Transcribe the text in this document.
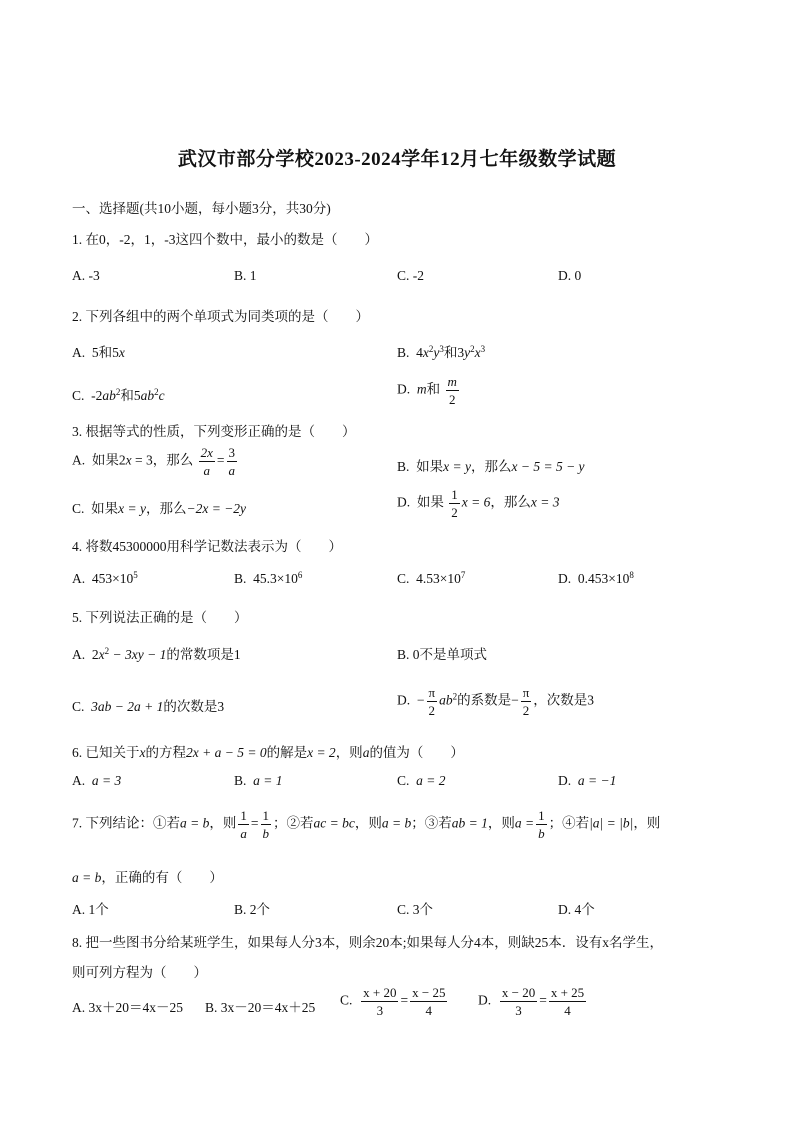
武汉市部分学校2023-2024学年12月七年级数学试题
一、选择题(共10小题，每小题3分，共30分)
1. 在0，-2，1，-3这四个数中，最小的数是（　　）
A. -3	B. 1	C. -2	D. 0
2. 下列各组中的两个单项式为同类项的是（　　）
A. 5和5x	B. $4x^2y^3$和$3y^2x^3$
C. $-2ab^2$和$5ab^2c$	D. m和 $\frac{m}{2}$
3. 根据等式的性质，下列变形正确的是（　　）
A. 如果2x = 3，那么 $\frac{2x}{a} = \frac{3}{a}$	B. 如果x = y，那么x − 5 = 5 − y
C. 如果x = y，那么−2x = −2y	D. 如果 $\frac{1}{2}$ x = 6，那么x = 3
4. 将数45300000用科学记数法表示为（　　）
A. $453\times 10^5$	B. $45.3\times 10^6$	C. $4.53\times 10^7$	D. $0.453\times 10^8$
5. 下列说法正确的是（　　）
A. $2x^2 - 3xy - 1$的常数项是1	B. 0不是单项式
C. 3ab − 2a + 1的次数是3	D. − $\frac{\pi}{2} ab^2$的系数是− $\frac{\pi}{2}$ ，次数是3
6. 已知关于x的方程2x + a − 5 = 0的解是x = 2，则a的值为（　　）
A. a = 3	B. a = 1	C. a = 2	D. a = −1
7. 下列结论：①若a = b，则 $\frac{1}{a} = \frac{1}{b}$ ；②若ac = bc，则a = b；③若ab = 1，则$a = \frac{1}{b}$ ；④若|a| = |b|，则
a = b，正确的有（　　）
A. 1个	B. 2个	C. 3个	D. 4个
8. 把一些图书分给某班学生，如果每人分3本，则余20本;如果每人分4本，则缺25本．设有x名学生，
则可列方程为（　　）
A. 3x＋20＝4x－25 B. 3x－20＝4x＋25 C. $\frac{x + 20}{3} = \frac{x - 25}{4} D$. $\frac{x - 20}{3} = \frac{x + 25}{4}$
